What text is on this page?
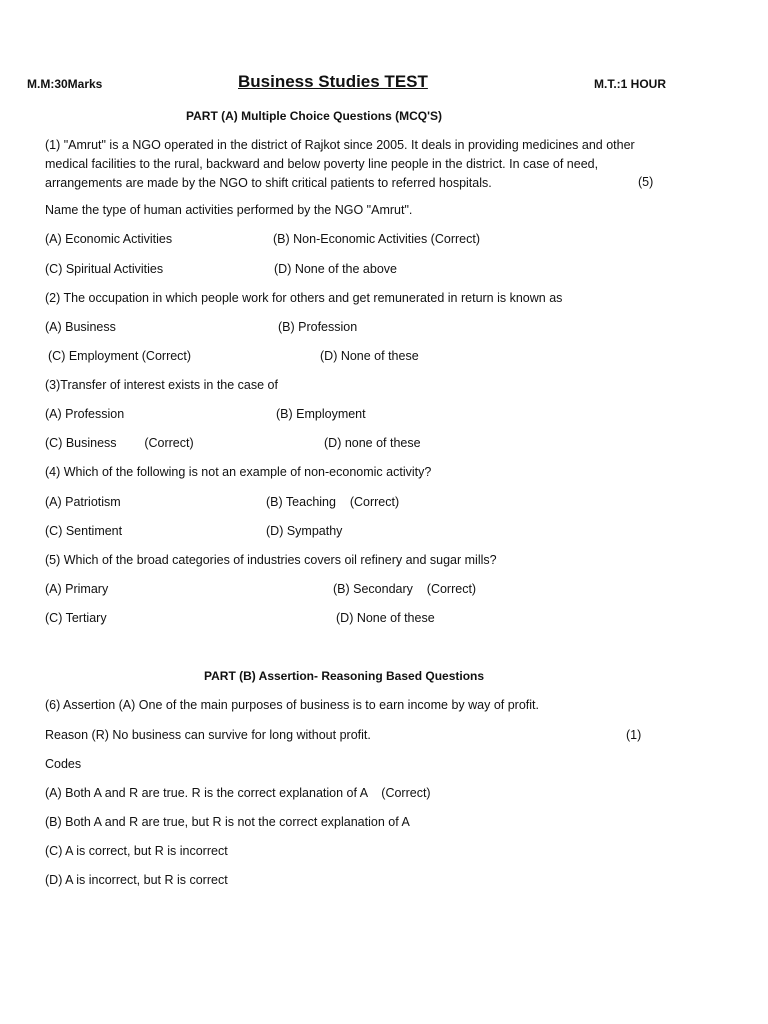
M.M:30Marks	Business Studies TEST	M.T.:1 HOUR
PART (A) Multiple Choice Questions (MCQ'S)
(1) "Amrut" is a NGO operated in the district of Rajkot since 2005. It deals in providing medicines and other medical facilities to the rural, backward and below poverty line people in the district. In case of need, arrangements are made by the NGO to shift critical patients to referred hospitals.	(5)
Name the type of human activities performed by the NGO "Amrut".
(A) Economic Activities	(B) Non-Economic Activities (Correct)
(C) Spiritual Activities	(D) None of the above
(2) The occupation in which people work for others and get remunerated in return is known as
(A) Business	(B) Profession
(C) Employment (Correct)	(D) None of these
(3)Transfer of interest exists in the case of
(A) Profession	(B) Employment
(C) Business        (Correct)	(D) none of these
(4) Which of the following is not an example of non-economic activity?
(A) Patriotism	(B) Teaching    (Correct)
(C) Sentiment	(D) Sympathy
(5) Which of the broad categories of industries covers oil refinery and sugar mills?
(A) Primary	(B) Secondary    (Correct)
(C) Tertiary	(D) None of these
PART (B) Assertion- Reasoning Based Questions
(6) Assertion (A) One of the main purposes of business is to earn income by way of profit.
Reason (R) No business can survive for long without profit.	(1)
Codes
(A) Both A and R are true. R is the correct explanation of A    (Correct)
(B) Both A and R are true, but R is not the correct explanation of A
(C) A is correct, but R is incorrect
(D) A is incorrect, but R is correct
